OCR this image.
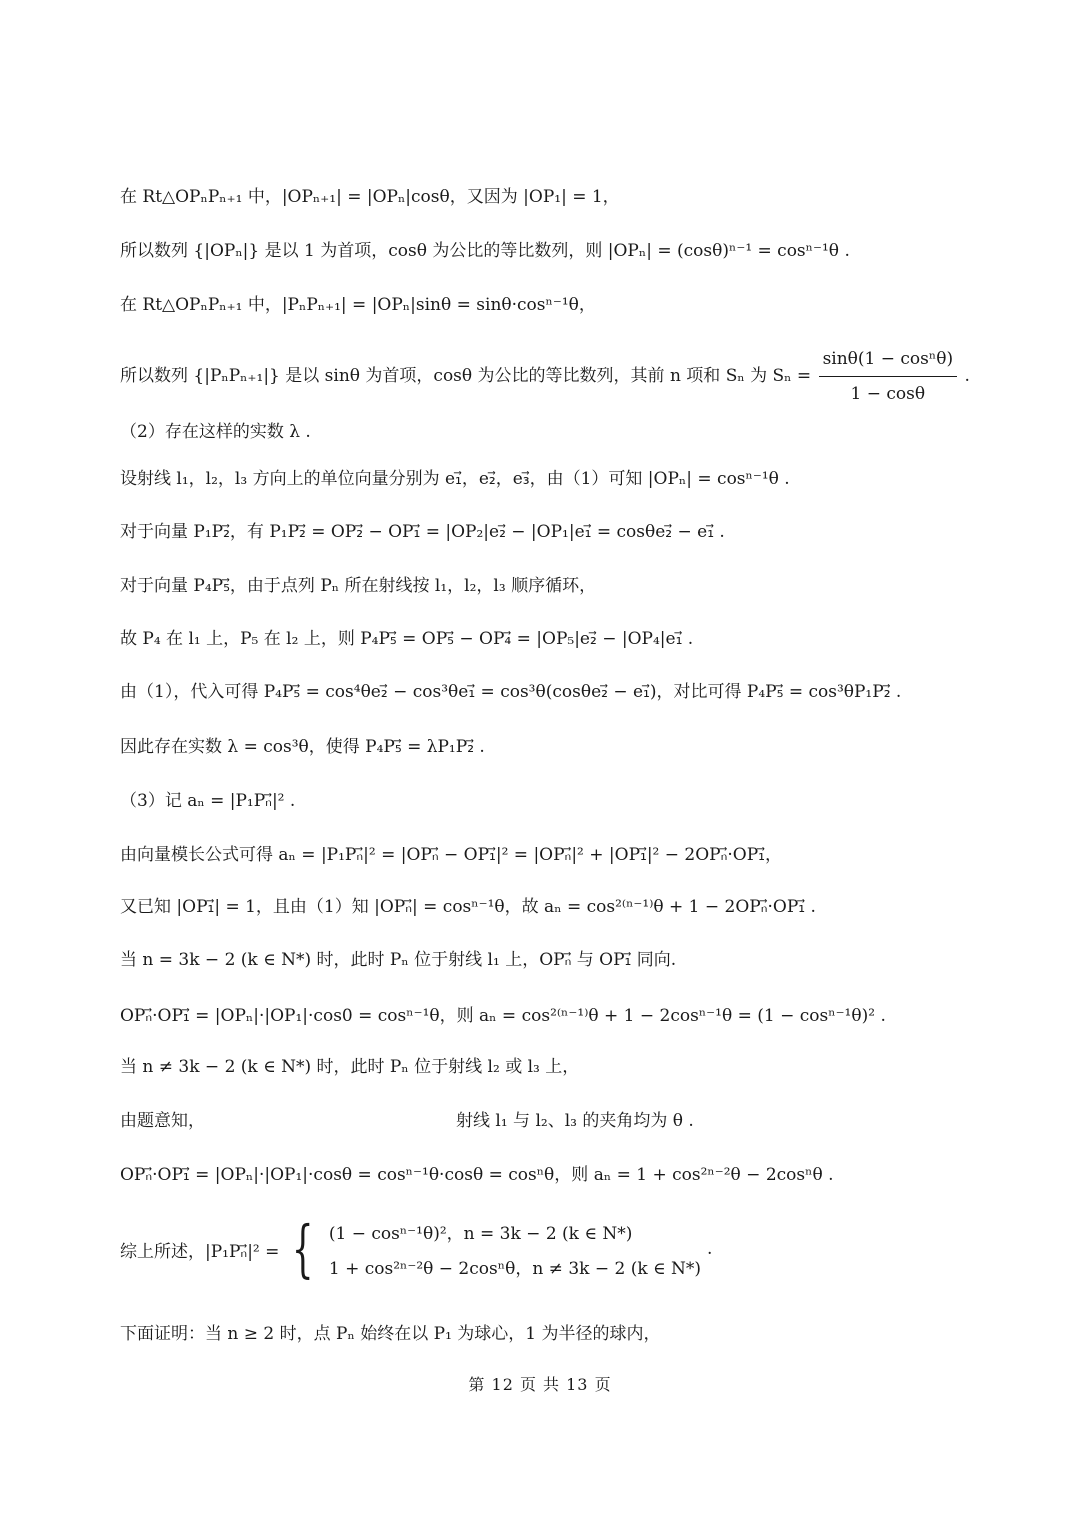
在 Rt△OPₙPₙ₊₁ 中，|OPₙ₊₁| = |OPₙ|cosθ，又因为 |OP₁| = 1，
所以数列 {|OPₙ|} 是以 1 为首项，cosθ 为公比的等比数列，则 |OPₙ| = (cosθ)ⁿ⁻¹ = cosⁿ⁻¹θ .
在 Rt△OPₙPₙ₊₁ 中，|PₙPₙ₊₁| = |OPₙ|sinθ = sinθ·cosⁿ⁻¹θ，
所以数列 {|PₙPₙ₊₁|} 是以 sinθ 为首项，cosθ 为公比的等比数列，其前 n 项和 Sₙ 为 $S_n = \frac{\text{sinθ(1 − cosⁿθ)}}{1 - \cos\theta}$ .
（2）存在这样的实数 λ .
设射线 l₁，l₂，l₃ 方向上的单位向量分别为 e₁⃗，e₂⃗，e₃⃗，由（1）可知 |OPₙ| = cosⁿ⁻¹θ .
对于向量 P₁P₂⃗，有 P₁P₂⃗ = OP₂⃗ − OP₁⃗ = |OP₂|e₂⃗ − |OP₁|e₁⃗ = cosθe₂⃗ − e₁⃗ .
对于向量 P₄P₅⃗，由于点列 Pₙ 所在射线按 l₁，l₂，l₃ 顺序循环，
故 P₄ 在 l₁ 上，P₅ 在 l₂ 上，则 P₄P₅⃗ = OP₅⃗ − OP₄⃗ = |OP₅|e₂⃗ − |OP₄|e₁⃗ .
由（1），代入可得 P₄P₅⃗ = cos⁴θe₂⃗ − cos³θe₁⃗ = cos³θ(cosθe₂⃗ − e₁⃗)，对比可得 P₄P₅⃗ = cos³θP₁P₂⃗ .
因此存在实数 λ = cos³θ，使得 P₄P₅⃗ = λP₁P₂⃗ .
（3）记 aₙ = |P₁Pₙ⃗|² .
由向量模长公式可得 aₙ = |P₁Pₙ⃗|² = |OPₙ⃗ − OP₁⃗|² = |OPₙ⃗|² + |OP₁⃗|² − 2OPₙ⃗·OP₁⃗，
又已知 |OP₁⃗| = 1，且由（1）知 |OPₙ⃗| = cosⁿ⁻¹θ，故 aₙ = cos²⁽ⁿ⁻¹⁾θ + 1 − 2OPₙ⃗·OP₁⃗ .
当 n = 3k − 2 (k ∈ N*) 时，此时 Pₙ 位于射线 l₁ 上，OPₙ⃗ 与 OP₁⃗ 同向.
OPₙ⃗·OP₁⃗ = |OPₙ|·|OP₁|·cos0 = cosⁿ⁻¹θ，则 aₙ = cos²⁽ⁿ⁻¹⁾θ + 1 − 2cosⁿ⁻¹θ = (1 − cosⁿ⁻¹θ)² .
当 n ≠ 3k − 2 (k ∈ N*) 时，此时 Pₙ 位于射线 l₂ 或 l₃ 上，
由题意知，	射线 l₁ 与 l₂、l₃ 的夹角均为 θ .
OPₙ⃗·OP₁⃗ = |OPₙ|·|OP₁|·cosθ = cosⁿ⁻¹θ·cosθ = cosⁿθ，则 aₙ = 1 + cos²ⁿ⁻²θ − 2cosⁿθ .
综上所述，|P₁Pₙ⃗|² = { (1 − cosⁿ⁻¹θ)²，n = 3k − 2 (k ∈ N*)
1 + cos²ⁿ⁻²θ − 2cosⁿθ，n ≠ 3k − 2 (k ∈ N*)
.
下面证明：当 n ≥ 2 时，点 Pₙ 始终在以 P₁ 为球心，1 为半径的球内，
第 12 页 共 13 页
